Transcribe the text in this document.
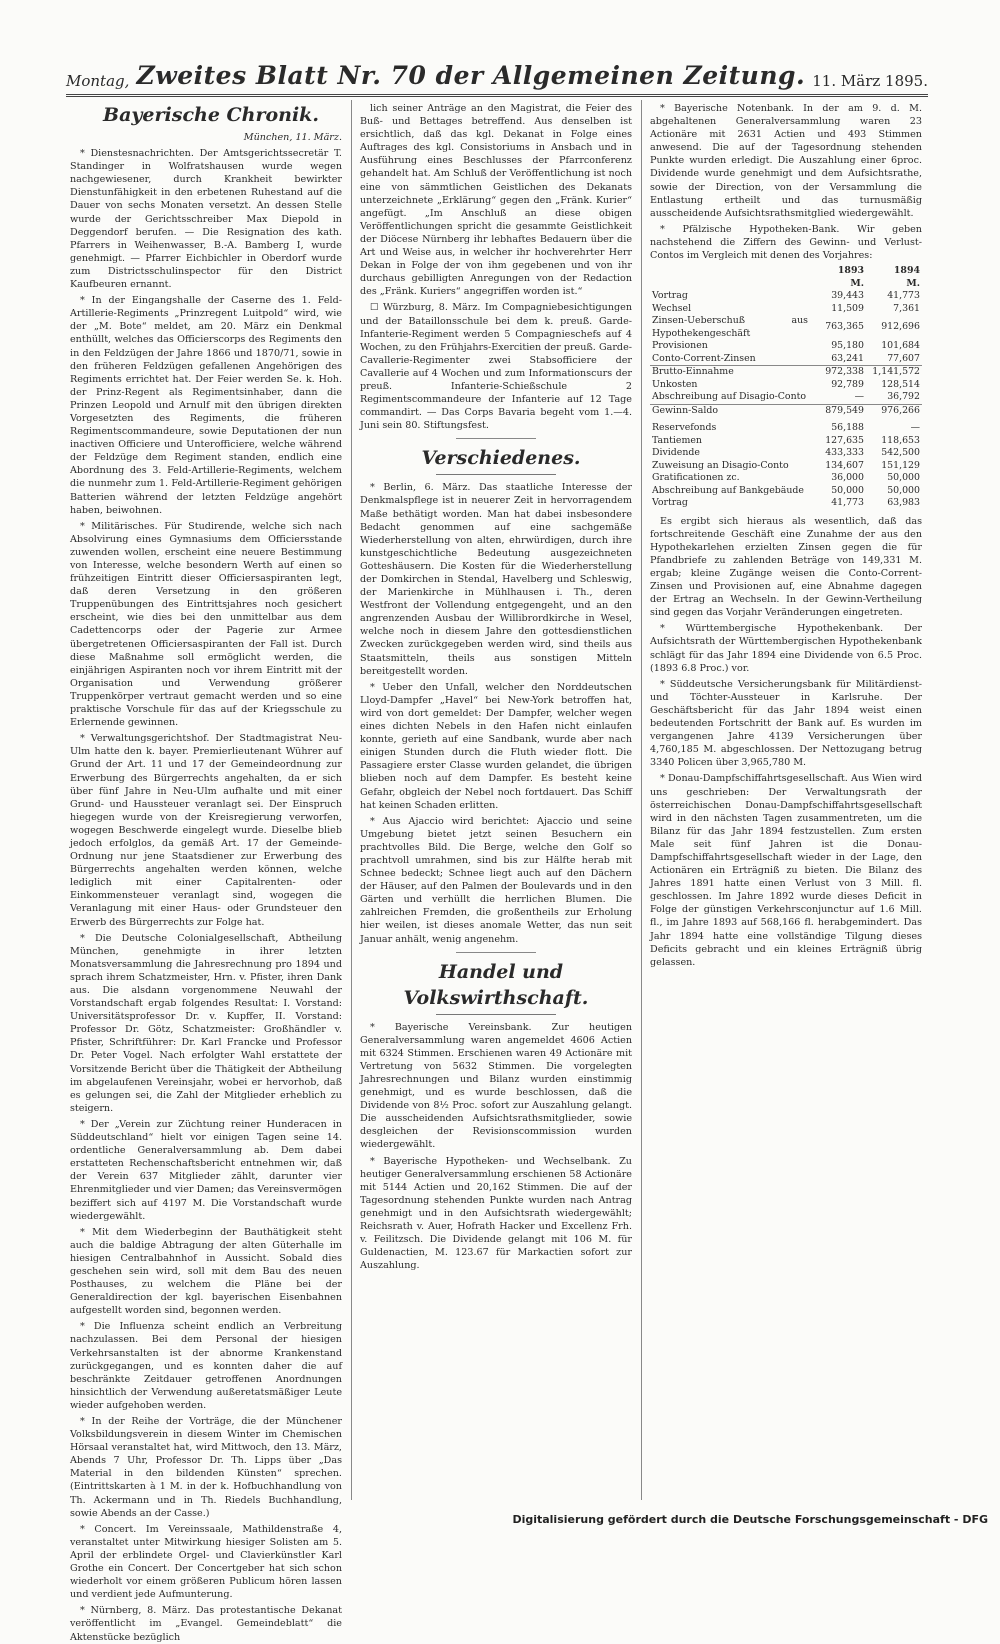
Montag, Zweites Blatt Nr. 70 der Allgemeinen Zeitung. 11. März 1895.

Bayerische Chronik.

München, 11. März.

* Dienstesnachrichten. Der Amtsgerichtssecretär T. Standinger in Wolfratshausen wurde wegen nachgewiesener, durch Krankheit bewirkter Dienstunfähigkeit in den erbetenen Ruhestand auf die Dauer von sechs Monaten versetzt. An dessen Stelle wurde der Gerichtsschreiber Max Diepold in Deggendorf berufen. — Die Resignation des kath. Pfarrers in Weihenwasser, B.-A. Bamberg I, wurde genehmigt. — Pfarrer Eichbichler in Oberdorf wurde zum Districtsschulinspector für den District Kaufbeuren ernannt.

* In der Eingangshalle der Caserne des 1. Feld-Artillerie-Regiments „Prinzregent Luitpold“ wird, wie der „M. Bote“ meldet, am 20. März ein Denkmal enthüllt, welches das Officierscorps des Regiments den in den Feldzügen der Jahre 1866 und 1870/71, sowie in den früheren Feldzügen gefallenen Angehörigen des Regiments errichtet hat. Der Feier werden Se. k. Hoh. der Prinz-Regent als Regimentsinhaber, dann die Prinzen Leopold und Arnulf mit den übrigen direkten Vorgesetzten des Regiments, die früheren Regimentscommandeure, sowie Deputationen der nun inactiven Officiere und Unterofficiere, welche während der Feldzüge dem Regiment standen, endlich eine Abordnung des 3. Feld-Artillerie-Regiments, welchem die nunmehr zum 1. Feld-Artillerie-Regiment gehörigen Batterien während der letzten Feldzüge angehört haben, beiwohnen.

* Militärisches. Für Studirende, welche sich nach Absolvirung eines Gymnasiums dem Officiersstande zuwenden wollen, erscheint eine neuere Bestimmung von Interesse, welche besondern Werth auf einen so frühzeitigen Eintritt dieser Officiersaspiranten legt, daß deren Versetzung in den größeren Truppenübungen des Eintrittsjahres noch gesichert erscheint, wie dies bei den unmittelbar aus dem Cadettencorps oder der Pagerie zur Armee übergetretenen Officiersaspiranten der Fall ist. Durch diese Maßnahme soll ermöglicht werden, die einjährigen Aspiranten noch vor ihrem Eintritt mit der Organisation und Verwendung größerer Truppenkörper vertraut gemacht werden und so eine praktische Vorschule für das auf der Kriegsschule zu Erlernende gewinnen.

* Verwaltungsgerichtshof. Der Stadtmagistrat Neu-Ulm hatte den k. bayer. Premierlieutenant Wührer auf Grund der Art. 11 und 17 der Gemeindeordnung zur Erwerbung des Bürgerrechts angehalten, da er sich über fünf Jahre in Neu-Ulm aufhalte und mit einer Grund- und Haussteuer veranlagt sei. Der Einspruch hiegegen wurde von der Kreisregierung verworfen, wogegen Beschwerde eingelegt wurde. Dieselbe blieb jedoch erfolglos, da gemäß Art. 17 der Gemeinde-Ordnung nur jene Staatsdiener zur Erwerbung des Bürgerrechts angehalten werden können, welche lediglich mit einer Capitalrenten- oder Einkommensteuer veranlagt sind, wogegen die Veranlagung mit einer Haus- oder Grundsteuer den Erwerb des Bürgerrechts zur Folge hat.

* Die Deutsche Colonialgesellschaft, Abtheilung München, genehmigte in ihrer letzten Monatsversammlung die Jahresrechnung pro 1894 und sprach ihrem Schatzmeister, Hrn. v. Pfister, ihren Dank aus. Die alsdann vorgenommene Neuwahl der Vorstandschaft ergab folgendes Resultat: I. Vorstand: Universitätsprofessor Dr. v. Kupffer, II. Vorstand: Professor Dr. Götz, Schatzmeister: Großhändler v. Pfister, Schriftführer: Dr. Karl Francke und Professor Dr. Peter Vogel. Nach erfolgter Wahl erstattete der Vorsitzende Bericht über die Thätigkeit der Abtheilung im abgelaufenen Vereinsjahr, wobei er hervorhob, daß es gelungen sei, die Zahl der Mitglieder erheblich zu steigern.

* Der „Verein zur Züchtung reiner Hunderacen in Süddeutschland“ hielt vor einigen Tagen seine 14. ordentliche Generalversammlung ab. Dem dabei erstatteten Rechenschaftsbericht entnehmen wir, daß der Verein 637 Mitglieder zählt, darunter vier Ehrenmitglieder und vier Damen; das Vereinsvermögen beziffert sich auf 4197 M. Die Vorstandschaft wurde wiedergewählt.

* Mit dem Wiederbeginn der Bauthätigkeit steht auch die baldige Abtragung der alten Güterhalle im hiesigen Centralbahnhof in Aussicht. Sobald dies geschehen sein wird, soll mit dem Bau des neuen Posthauses, zu welchem die Pläne bei der Generaldirection der kgl. bayerischen Eisenbahnen aufgestellt worden sind, begonnen werden.

* Die Influenza scheint endlich an Verbreitung nachzulassen. Bei dem Personal der hiesigen Verkehrsanstalten ist der abnorme Krankenstand zurückgegangen, und es konnten daher die auf beschränkte Zeitdauer getroffenen Anordnungen hinsichtlich der Verwendung außeretatsmäßiger Leute wieder aufgehoben werden.

* In der Reihe der Vorträge, die der Münchener Volksbildungsverein in diesem Winter im Chemischen Hörsaal veranstaltet hat, wird Mittwoch, den 13. März, Abends 7 Uhr, Professor Dr. Th. Lipps über „Das Material in den bildenden Künsten“ sprechen. (Eintrittskarten à 1 M. in der k. Hofbuchhandlung von Th. Ackermann und in Th. Riedels Buchhandlung, sowie Abends an der Casse.)

* Concert. Im Vereinssaale, Mathildenstraße 4, veranstaltet unter Mitwirkung hiesiger Solisten am 5. April der erblindete Orgel- und Clavierkünstler Karl Grothe ein Concert. Der Concertgeber hat sich schon wiederholt vor einem größeren Publicum hören lassen und verdient jede Aufmunterung.

* Nürnberg, 8. März. Das protestantische Dekanat veröffentlicht im „Evangel. Gemeindeblatt“ die Aktenstücke bezüglich

lich seiner Anträge an den Magistrat, die Feier des Buß- und Bettages betreffend. Aus denselben ist ersichtlich, daß das kgl. Dekanat in Folge eines Auftrages des kgl. Consistoriums in Ansbach und in Ausführung eines Beschlusses der Pfarrconferenz gehandelt hat. Am Schluß der Veröffentlichung ist noch eine von sämmtlichen Geistlichen des Dekanats unterzeichnete „Erklärung“ gegen den „Fränk. Kurier“ angefügt. „Im Anschluß an diese obigen Veröffentlichungen spricht die gesammte Geistlichkeit der Diöcese Nürnberg ihr lebhaftes Bedauern über die Art und Weise aus, in welcher ihr hochverehrter Herr Dekan in Folge der von ihm gegebenen und von ihr durchaus gebilligten Anregungen von der Redaction des „Fränk. Kuriers“ angegriffen worden ist.“

☐ Würzburg, 8. März. Im Compagniebesichtigungen und der Bataillonsschule bei dem k. preuß. Garde-Infanterie-Regiment werden 5 Compagnieschefs auf 4 Wochen, zu den Frühjahrs-Exercitien der preuß. Garde-Cavallerie-Regimenter zwei Stabsofficiere der Cavallerie auf 4 Wochen und zum Informationscurs der preuß. Infanterie-Schießschule 2 Regimentscommandeure der Infanterie auf 12 Tage commandirt. — Das Corps Bavaria begeht vom 1.—4. Juni sein 80. Stiftungsfest.

Verschiedenes.

* Berlin, 6. März. Das staatliche Interesse der Denkmalspflege ist in neuerer Zeit in hervorragendem Maße bethätigt worden. Man hat dabei insbesondere Bedacht genommen auf eine sachgemäße Wiederherstellung von alten, ehrwürdigen, durch ihre kunstgeschichtliche Bedeutung ausgezeichneten Gotteshäusern. Die Kosten für die Wiederherstellung der Domkirchen in Stendal, Havelberg und Schleswig, der Marienkirche in Mühlhausen i. Th., deren Westfront der Vollendung entgegengeht, und an den angrenzenden Ausbau der Willibrordkirche in Wesel, welche noch in diesem Jahre den gottesdienstlichen Zwecken zurückgegeben werden wird, sind theils aus Staatsmitteln, theils aus sonstigen Mitteln bereitgestellt worden.

* Ueber den Unfall, welcher den Norddeutschen Lloyd-Dampfer „Havel“ bei New-York betroffen hat, wird von dort gemeldet: Der Dampfer, welcher wegen eines dichten Nebels in den Hafen nicht einlaufen konnte, gerieth auf eine Sandbank, wurde aber nach einigen Stunden durch die Fluth wieder flott. Die Passagiere erster Classe wurden gelandet, die übrigen blieben noch auf dem Dampfer. Es besteht keine Gefahr, obgleich der Nebel noch fortdauert. Das Schiff hat keinen Schaden erlitten.

* Aus Ajaccio wird berichtet: Ajaccio und seine Umgebung bietet jetzt seinen Besuchern ein prachtvolles Bild. Die Berge, welche den Golf so prachtvoll umrahmen, sind bis zur Hälfte herab mit Schnee bedeckt; Schnee liegt auch auf den Dächern der Häuser, auf den Palmen der Boulevards und in den Gärten und verhüllt die herrlichen Blumen. Die zahlreichen Fremden, die großentheils zur Erholung hier weilen, ist dieses anomale Wetter, das nun seit Januar anhält, wenig angenehm.

Handel und Volkswirthschaft.

* Bayerische Vereinsbank. Zur heutigen Generalversammlung waren angemeldet 4606 Actien mit 6324 Stimmen. Erschienen waren 49 Actionäre mit Vertretung von 5632 Stimmen. Die vorgelegten Jahresrechnungen und Bilanz wurden einstimmig genehmigt, und es wurde beschlossen, daß die Dividende von 8½ Proc. sofort zur Auszahlung gelangt. Die ausscheidenden Aufsichtsrathsmitglieder, sowie desgleichen der Revisionscommission wurden wiedergewählt.

* Bayerische Hypotheken- und Wechselbank. Zu heutiger Generalversammlung erschienen 58 Actionäre mit 5144 Actien und 20,162 Stimmen. Die auf der Tagesordnung stehenden Punkte wurden nach Antrag genehmigt und in den Aufsichtsrath wiedergewählt; Reichsrath v. Auer, Hofrath Hacker und Excellenz Frh. v. Feilitzsch. Die Dividende gelangt mit 106 M. für Guldenactien, M. 123.67 für Markactien sofort zur Auszahlung.

* Bayerische Notenbank. In der am 9. d. M. abgehaltenen Generalversammlung waren 23 Actionäre mit 2631 Actien und 493 Stimmen anwesend. Die auf der Tagesordnung stehenden Punkte wurden erledigt. Die Auszahlung einer 6proc. Dividende wurde genehmigt und dem Aufsichtsrathe, sowie der Direction, von der Versammlung die Entlastung ertheilt und das turnusmäßig ausscheidende Aufsichtsrathsmitglied wiedergewählt.

* Pfälzische Hypotheken-Bank. Wir geben nachstehend die Ziffern des Gewinn- und Verlust-Contos im Vergleich mit denen des Vorjahres:

	1893	1894
	M.	M.
Vortrag	39,443	41,773
Wechsel	11,509	7,361
Zinsen-Ueberschuß aus Hypothekengeschäft	763,365	912,696
Provisionen	95,180	101,684
Conto-Corrent-Zinsen	63,241	77,607
Brutto-Einnahme	972,338	1,141,572
Unkosten	92,789	128,514
Abschreibung auf Disagio-Conto	—	36,792
Gewinn-Saldo	879,549	976,266
Reservefonds	56,188	—
Tantiemen	127,635	118,653
Dividende	433,333	542,500
Zuweisung an Disagio-Conto	134,607	151,129
Gratificationen zc.	36,000	50,000
Abschreibung auf Bankgebäude	50,000	50,000
Vortrag	41,773	63,983

Es ergibt sich hieraus als wesentlich, daß das fortschreitende Geschäft eine Zunahme der aus den Hypothekarlehen erzielten Zinsen gegen die für Pfandbriefe zu zahlenden Beträge von 149,331 M. ergab; kleine Zugänge weisen die Conto-Corrent-Zinsen und Provisionen auf, eine Abnahme dagegen der Ertrag an Wechseln. In der Gewinn-Vertheilung sind gegen das Vorjahr Veränderungen eingetreten.

* Württembergische Hypothekenbank. Der Aufsichtsrath der Württembergischen Hypothekenbank schlägt für das Jahr 1894 eine Dividende von 6.5 Proc. (1893 6.8 Proc.) vor.

* Süddeutsche Versicherungsbank für Militärdienst- und Töchter-Aussteuer in Karlsruhe. Der Geschäftsbericht für das Jahr 1894 weist einen bedeutenden Fortschritt der Bank auf. Es wurden im vergangenen Jahre 4139 Versicherungen über 4,760,185 M. abgeschlossen. Der Nettozugang betrug 3340 Policen über 3,965,780 M.

* Donau-Dampfschiffahrtsgesellschaft. Aus Wien wird uns geschrieben: Der Verwaltungsrath der österreichischen Donau-Dampfschiffahrtsgesellschaft wird in den nächsten Tagen zusammentreten, um die Bilanz für das Jahr 1894 festzustellen. Zum ersten Male seit fünf Jahren ist die Donau-Dampfschiffahrtsgesellschaft wieder in der Lage, den Actionären ein Erträgniß zu bieten. Die Bilanz des Jahres 1891 hatte einen Verlust von 3 Mill. fl. geschlossen. Im Jahre 1892 wurde dieses Deficit in Folge der günstigen Verkehrsconjunctur auf 1.6 Mill. fl., im Jahre 1893 auf 568,166 fl. herabgemindert. Das Jahr 1894 hatte eine vollständige Tilgung dieses Deficits gebracht und ein kleines Erträgniß übrig gelassen.

Digitalisierung gefördert durch die Deutsche Forschungsgemeinschaft - DFG
